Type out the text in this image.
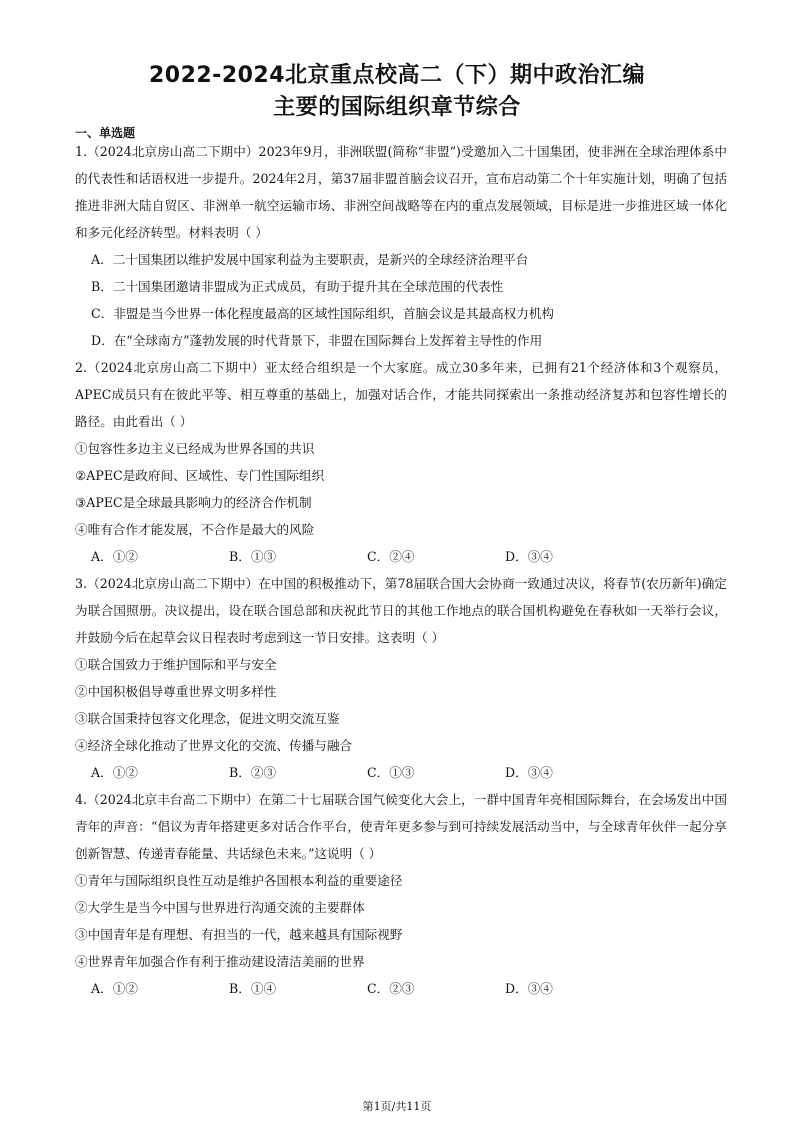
2022-2024北京重点校高二（下）期中政治汇编
主要的国际组织章节综合
一、单选题

1.（2024北京房山高二下期中）2023年9月，非洲联盟(简称“非盟”)受邀加入二十国集团，使非洲在全球治理体系中的代表性和话语权进一步提升。2024年2月，第37届非盟首脑会议召开，宣布启动第二个十年实施计划，明确了包括推进非洲大陆自贸区、非洲单一航空运输市场、非洲空间战略等在内的重点发展领域，目标是进一步推进区域一体化和多元化经济转型。材料表明（ ）

A．二十国集团以维护发展中国家利益为主要职责，是新兴的全球经济治理平台

B．二十国集团邀请非盟成为正式成员，有助于提升其在全球范围的代表性

C．非盟是当今世界一体化程度最高的区域性国际组织，首脑会议是其最高权力机构

D．在“全球南方”蓬勃发展的时代背景下，非盟在国际舞台上发挥着主导性的作用

2.（2024北京房山高二下期中）亚太经合组织是一个大家庭。成立30多年来，已拥有21个经济体和3个观察员，APEC成员只有在彼此平等、相互尊重的基础上，加强对话合作，才能共同探索出一条推动经济复苏和包容性增长的路径。由此看出（ ）

①包容性多边主义已经成为世界各国的共识

②APEC是政府间、区域性、专门性国际组织

③APEC是全球最具影响力的经济合作机制

④唯有合作才能发展，不合作是最大的风险

A．①②	B．①③	C．②④	D．③④

3.（2024北京房山高二下期中）在中国的积极推动下，第78届联合国大会协商一致通过决议，将春节(农历新年)确定为联合国照册。决议提出，设在联合国总部和庆祝此节日的其他工作地点的联合国机构避免在春秋如一天举行会议，并鼓励今后在起草会议日程表时考虑到这一节日安排。这表明（ ）

①联合国致力于维护国际和平与安全

②中国积极倡导尊重世界文明多样性

③联合国秉持包容文化理念，促进文明交流互鉴

④经济全球化推动了世界文化的交流、传播与融合

A．①②	B．②③	C．①③	D．③④

4.（2024北京丰台高二下期中）在第二十七届联合国气候变化大会上，一群中国青年亮相国际舞台，在会场发出中国青年的声音：“倡议为青年搭建更多对话合作平台，使青年更多参与到可持续发展活动当中，与全球青年伙伴一起分享创新智慧、传递青春能量、共话绿色未来。”这说明（ ）

①青年与国际组织良性互动是维护各国根本利益的重要途径

②大学生是当今中国与世界进行沟通交流的主要群体

③中国青年是有理想、有担当的一代，越来越具有国际视野

④世界青年加强合作有利于推动建设清洁美丽的世界

A．①②	B．①④	C．②③	D．③④
第1页/共11页
